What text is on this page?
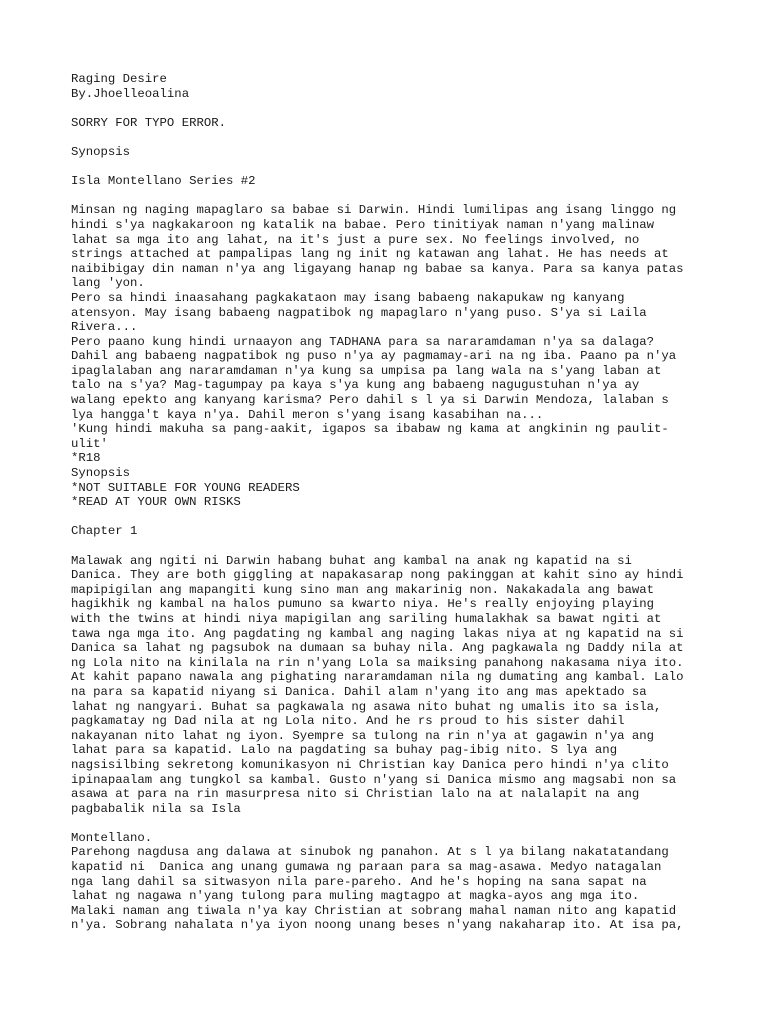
Raging Desire
By.Jhoelleoalina
SORRY FOR TYPO ERROR.
Synopsis
Isla Montellano Series #2
Minsan ng naging mapaglaro sa babae si Darwin. Hindi lumilipas ang isang linggo ng
hindi s'ya nagkakaroon ng katalik na babae. Pero tinitiyak naman n'yang malinaw
lahat sa mga ito ang lahat, na it's just a pure sex. No feelings involved, no
strings attached at pampalipas lang ng init ng katawan ang lahat. He has needs at
naibibigay din naman n'ya ang ligayang hanap ng babae sa kanya. Para sa kanya patas
lang 'yon.
Pero sa hindi inaasahang pagkakataon may isang babaeng nakapukaw ng kanyang
atensyon. May isang babaeng nagpatibok ng mapaglaro n'yang puso. S'ya si Laila
Rivera...
Pero paano kung hindi urnaayon ang TADHANA para sa nararamdaman n'ya sa dalaga?
Dahil ang babaeng nagpatibok ng puso n'ya ay pagmamay-ari na ng iba. Paano pa n'ya
ipaglalaban ang nararamdaman n'ya kung sa umpisa pa lang wala na s'yang laban at
talo na s'ya? Mag-tagumpay pa kaya s'ya kung ang babaeng nagugustuhan n'ya ay
walang epekto ang kanyang karisma? Pero dahil s l ya si Darwin Mendoza, lalaban s
lya hangga't kaya n'ya. Dahil meron s'yang isang kasabihan na...
'Kung hindi makuha sa pang-aakit, igapos sa ibabaw ng kama at angkinin ng paulit-
ulit'
*R18
Synopsis
*NOT SUITABLE FOR YOUNG READERS
*READ AT YOUR OWN RISKS
Chapter 1
Malawak ang ngiti ni Darwin habang buhat ang kambal na anak ng kapatid na si
Danica. They are both giggling at napakasarap nong pakinggan at kahit sino ay hindi
mapipigilan ang mapangiti kung sino man ang makarinig non. Nakakadala ang bawat
hagikhik ng kambal na halos pumuno sa kwarto niya. He's really enjoying playing
with the twins at hindi niya mapigilan ang sariling humalakhak sa bawat ngiti at
tawa nga mga ito. Ang pagdating ng kambal ang naging lakas niya at ng kapatid na si
Danica sa lahat ng pagsubok na dumaan sa buhay nila. Ang pagkawala ng Daddy nila at
ng Lola nito na kinilala na rin n'yang Lola sa maiksing panahong nakasama niya ito.
At kahit papano nawala ang pighating nararamdaman nila ng dumating ang kambal. Lalo
na para sa kapatid niyang si Danica. Dahil alam n'yang ito ang mas apektado sa
lahat ng nangyari. Buhat sa pagkawala ng asawa nito buhat ng umalis ito sa isla,
pagkamatay ng Dad nila at ng Lola nito. And he rs proud to his sister dahil
nakayanan nito lahat ng iyon. Syempre sa tulong na rin n'ya at gagawin n'ya ang
lahat para sa kapatid. Lalo na pagdating sa buhay pag-ibig nito. S lya ang
nagsisilbing sekretong komunikasyon ni Christian kay Danica pero hindi n'ya clito
ipinapaalam ang tungkol sa kambal. Gusto n'yang si Danica mismo ang magsabi non sa
asawa at para na rin masurpresa nito si Christian lalo na at nalalapit na ang
pagbabalik nila sa Isla
Montellano.
Parehong nagdusa ang dalawa at sinubok ng panahon. At s l ya bilang nakatatandang
kapatid ni  Danica ang unang gumawa ng paraan para sa mag-asawa. Medyo natagalan
nga lang dahil sa sitwasyon nila pare-pareho. And he's hoping na sana sapat na
lahat ng nagawa n'yang tulong para muling magtagpo at magka-ayos ang mga ito.
Malaki naman ang tiwala n'ya kay Christian at sobrang mahal naman nito ang kapatid
n'ya. Sobrang nahalata n'ya iyon noong unang beses n'yang nakaharap ito. At isa pa,
